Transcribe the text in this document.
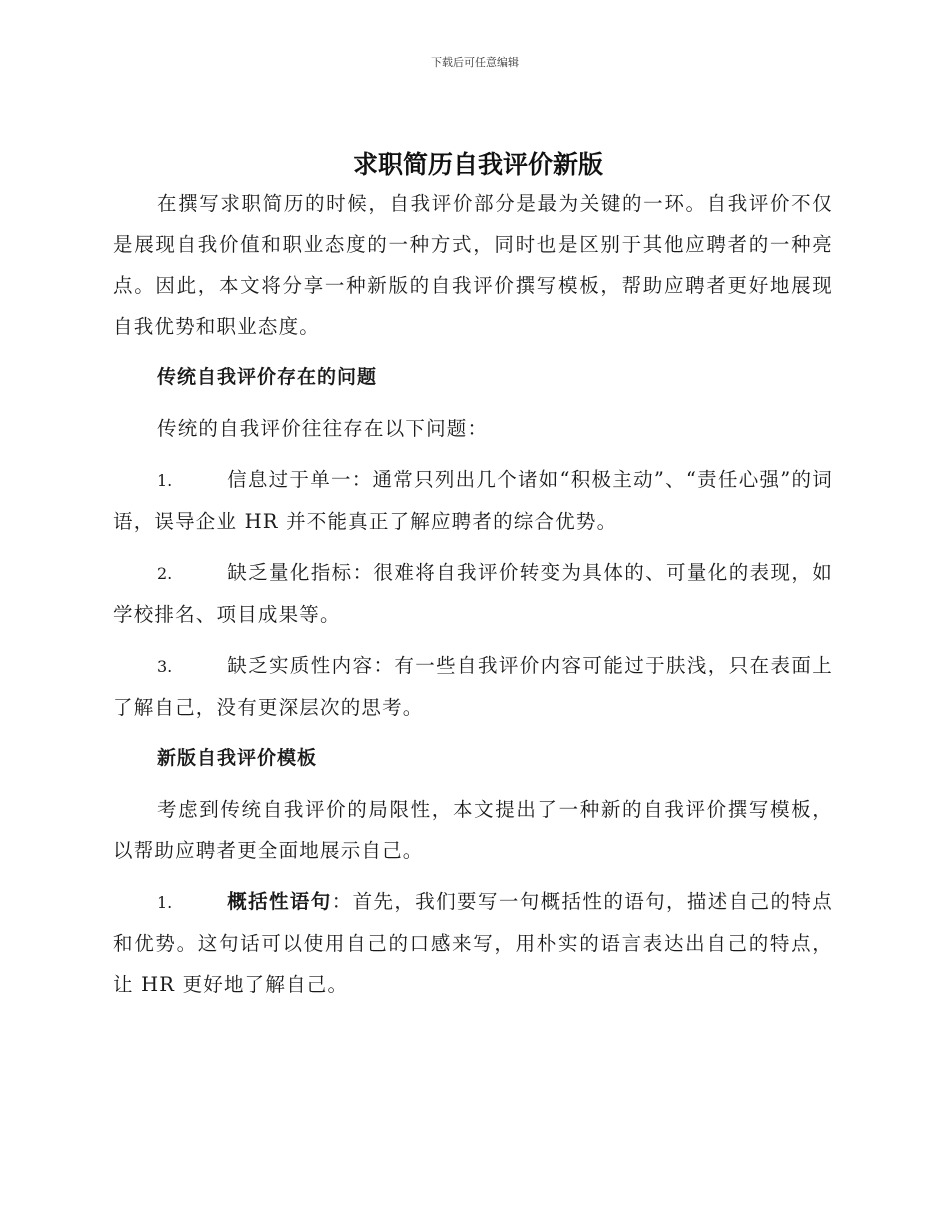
下载后可任意编辑
求职简历自我评价新版

在撰写求职简历的时候，自我评价部分是最为关键的一环。自我评价不仅是展现自我价值和职业态度的一种方式，同时也是区别于其他应聘者的一种亮点。因此，本文将分享一种新版的自我评价撰写模板，帮助应聘者更好地展现自我优势和职业态度。

传统自我评价存在的问题

传统的自我评价往往存在以下问题：

1.	信息过于单一：通常只列出几个诸如“积极主动”、“责任心强”的词语，误导企业 HR 并不能真正了解应聘者的综合优势。

2.	缺乏量化指标：很难将自我评价转变为具体的、可量化的表现，如学校排名、项目成果等。

3.	缺乏实质性内容：有一些自我评价内容可能过于肤浅，只在表面上了解自己，没有更深层次的思考。

新版自我评价模板

考虑到传统自我评价的局限性，本文提出了一种新的自我评价撰写模板，以帮助应聘者更全面地展示自己。

1.	概括性语句：首先，我们要写一句概括性的语句，描述自己的特点和优势。这句话可以使用自己的口感来写，用朴实的语言表达出自己的特点，让 HR 更好地了解自己。
